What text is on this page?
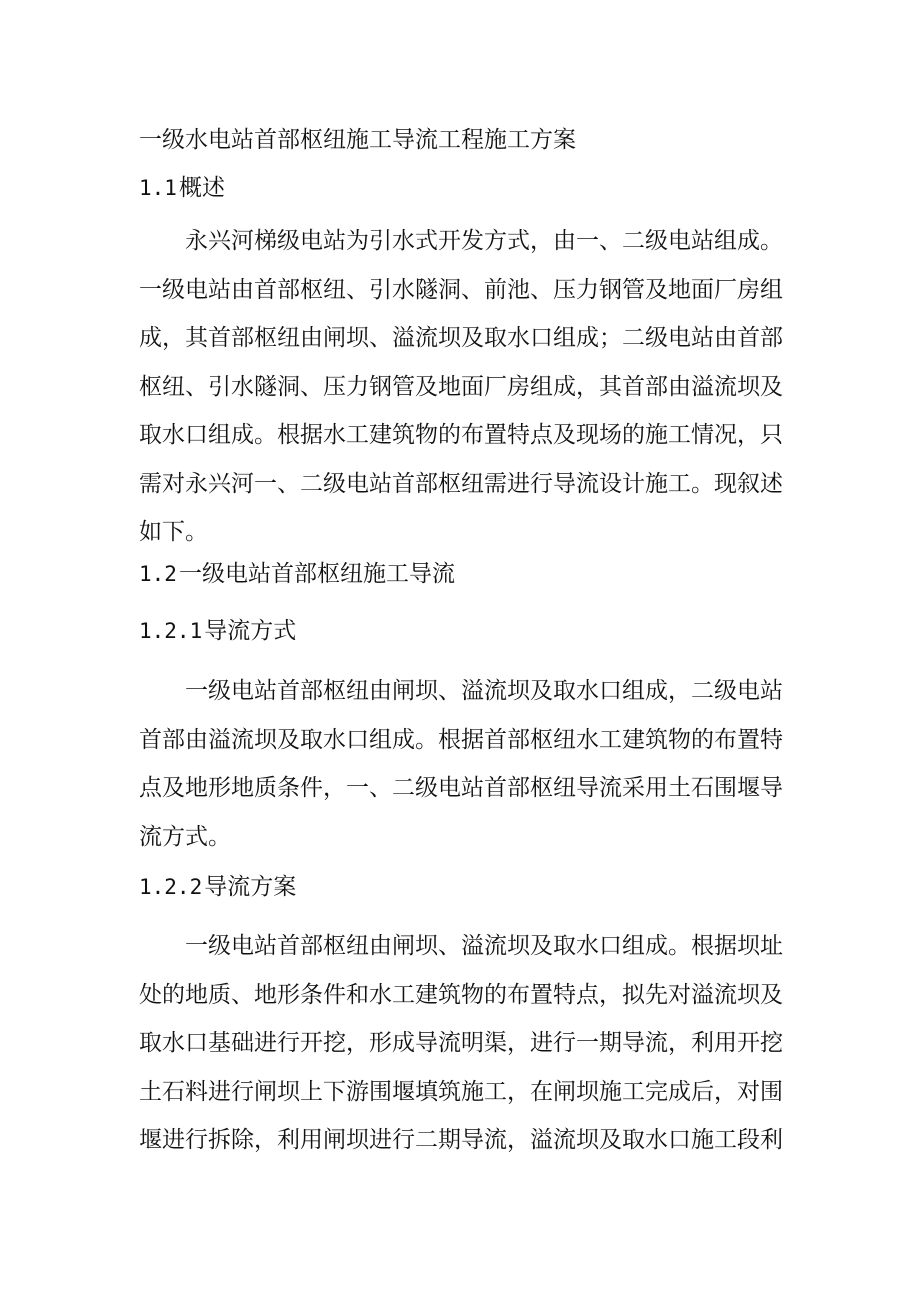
一级水电站首部枢纽施工导流工程施工方案
1.1概述
永兴河梯级电站为引水式开发方式，由一、二级电站组成。
一级电站由首部枢纽、引水隧洞、前池、压力钢管及地面厂房组
成，其首部枢纽由闸坝、溢流坝及取水口组成；二级电站由首部
枢纽、引水隧洞、压力钢管及地面厂房组成，其首部由溢流坝及
取水口组成。根据水工建筑物的布置特点及现场的施工情况，只
需对永兴河一、二级电站首部枢纽需进行导流设计施工。现叙述
如下。
1.2一级电站首部枢纽施工导流
1.2.1导流方式
一级电站首部枢纽由闸坝、溢流坝及取水口组成，二级电站
首部由溢流坝及取水口组成。根据首部枢纽水工建筑物的布置特
点及地形地质条件，一、二级电站首部枢纽导流采用土石围堰导
流方式。
1.2.2导流方案
一级电站首部枢纽由闸坝、溢流坝及取水口组成。根据坝址
处的地质、地形条件和水工建筑物的布置特点，拟先对溢流坝及
取水口基础进行开挖，形成导流明渠，进行一期导流，利用开挖
土石料进行闸坝上下游围堰填筑施工，在闸坝施工完成后，对围
堰进行拆除，利用闸坝进行二期导流，溢流坝及取水口施工段利
